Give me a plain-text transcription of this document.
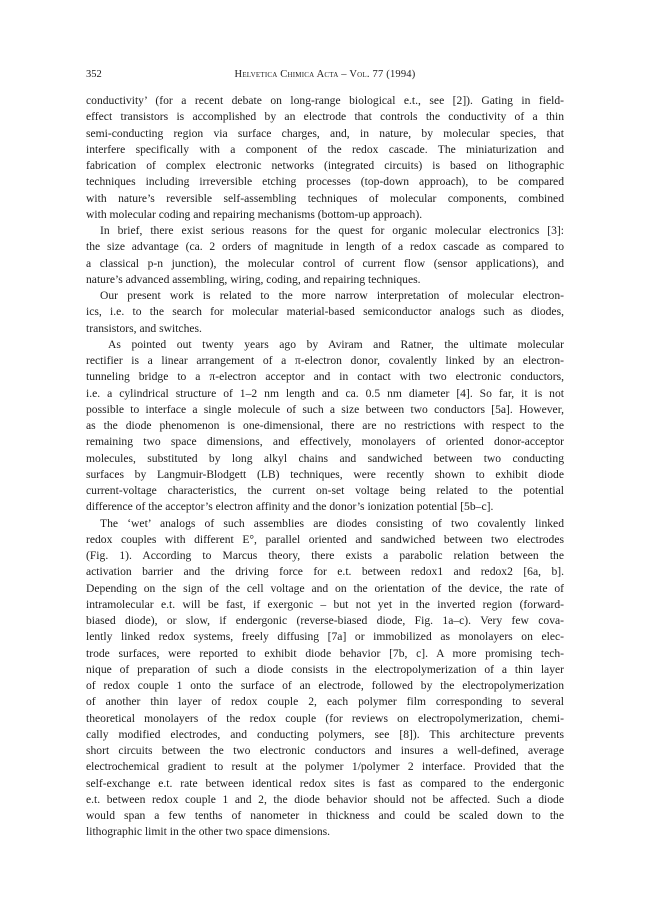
352	Helvetica Chimica Acta – Vol. 77 (1994)
conductivity’ (for a recent debate on long-range biological e.t., see [2]). Gating in field-
effect transistors is accomplished by an electrode that controls the conductivity of a thin
semi-conducting region via surface charges, and, in nature, by molecular species, that
interfere specifically with a component of the redox cascade. The miniaturization and
fabrication of complex electronic networks (integrated circuits) is based on lithographic
techniques including irreversible etching processes (top-down approach), to be compared
with nature’s reversible self-assembling techniques of molecular components, combined
with molecular coding and repairing mechanisms (bottom-up approach).
In brief, there exist serious reasons for the quest for organic molecular electronics [3]:
the size advantage (ca. 2 orders of magnitude in length of a redox cascade as compared to
a classical p-n junction), the molecular control of current flow (sensor applications), and
nature’s advanced assembling, wiring, coding, and repairing techniques.
Our present work is related to the more narrow interpretation of molecular electron-
ics, i.e. to the search for molecular material-based semiconductor analogs such as diodes,
transistors, and switches.
As pointed out twenty years ago by Aviram and Ratner, the ultimate molecular
rectifier is a linear arrangement of a π-electron donor, covalently linked by an electron-
tunneling bridge to a π-electron acceptor and in contact with two electronic conductors,
i.e. a cylindrical structure of 1–2 nm length and ca. 0.5 nm diameter [4]. So far, it is not
possible to interface a single molecule of such a size between two conductors [5a]. However,
as the diode phenomenon is one-dimensional, there are no restrictions with respect to the
remaining two space dimensions, and effectively, monolayers of oriented donor-acceptor
molecules, substituted by long alkyl chains and sandwiched between two conducting
surfaces by Langmuir-Blodgett (LB) techniques, were recently shown to exhibit diode
current-voltage characteristics, the current on-set voltage being related to the potential
difference of the acceptor’s electron affinity and the donor’s ionization potential [5b–c].
The ‘wet’ analogs of such assemblies are diodes consisting of two covalently linked
redox couples with different E°, parallel oriented and sandwiched between two electrodes
(Fig. 1). According to Marcus theory, there exists a parabolic relation between the
activation barrier and the driving force for e.t. between redox1 and redox2 [6a, b].
Depending on the sign of the cell voltage and on the orientation of the device, the rate of
intramolecular e.t. will be fast, if exergonic – but not yet in the inverted region (forward-
biased diode), or slow, if endergonic (reverse-biased diode, Fig. 1a–c). Very few cova-
lently linked redox systems, freely diffusing [7a] or immobilized as monolayers on elec-
trode surfaces, were reported to exhibit diode behavior [7b, c]. A more promising tech-
nique of preparation of such a diode consists in the electropolymerization of a thin layer
of redox couple 1 onto the surface of an electrode, followed by the electropolymerization
of another thin layer of redox couple 2, each polymer film corresponding to several
theoretical monolayers of the redox couple (for reviews on electropolymerization, chemi-
cally modified electrodes, and conducting polymers, see [8]). This architecture prevents
short circuits between the two electronic conductors and insures a well-defined, average
electrochemical gradient to result at the polymer 1/polymer 2 interface. Provided that the
self-exchange e.t. rate between identical redox sites is fast as compared to the endergonic
e.t. between redox couple 1 and 2, the diode behavior should not be affected. Such a diode
would span a few tenths of nanometer in thickness and could be scaled down to the
lithographic limit in the other two space dimensions.
